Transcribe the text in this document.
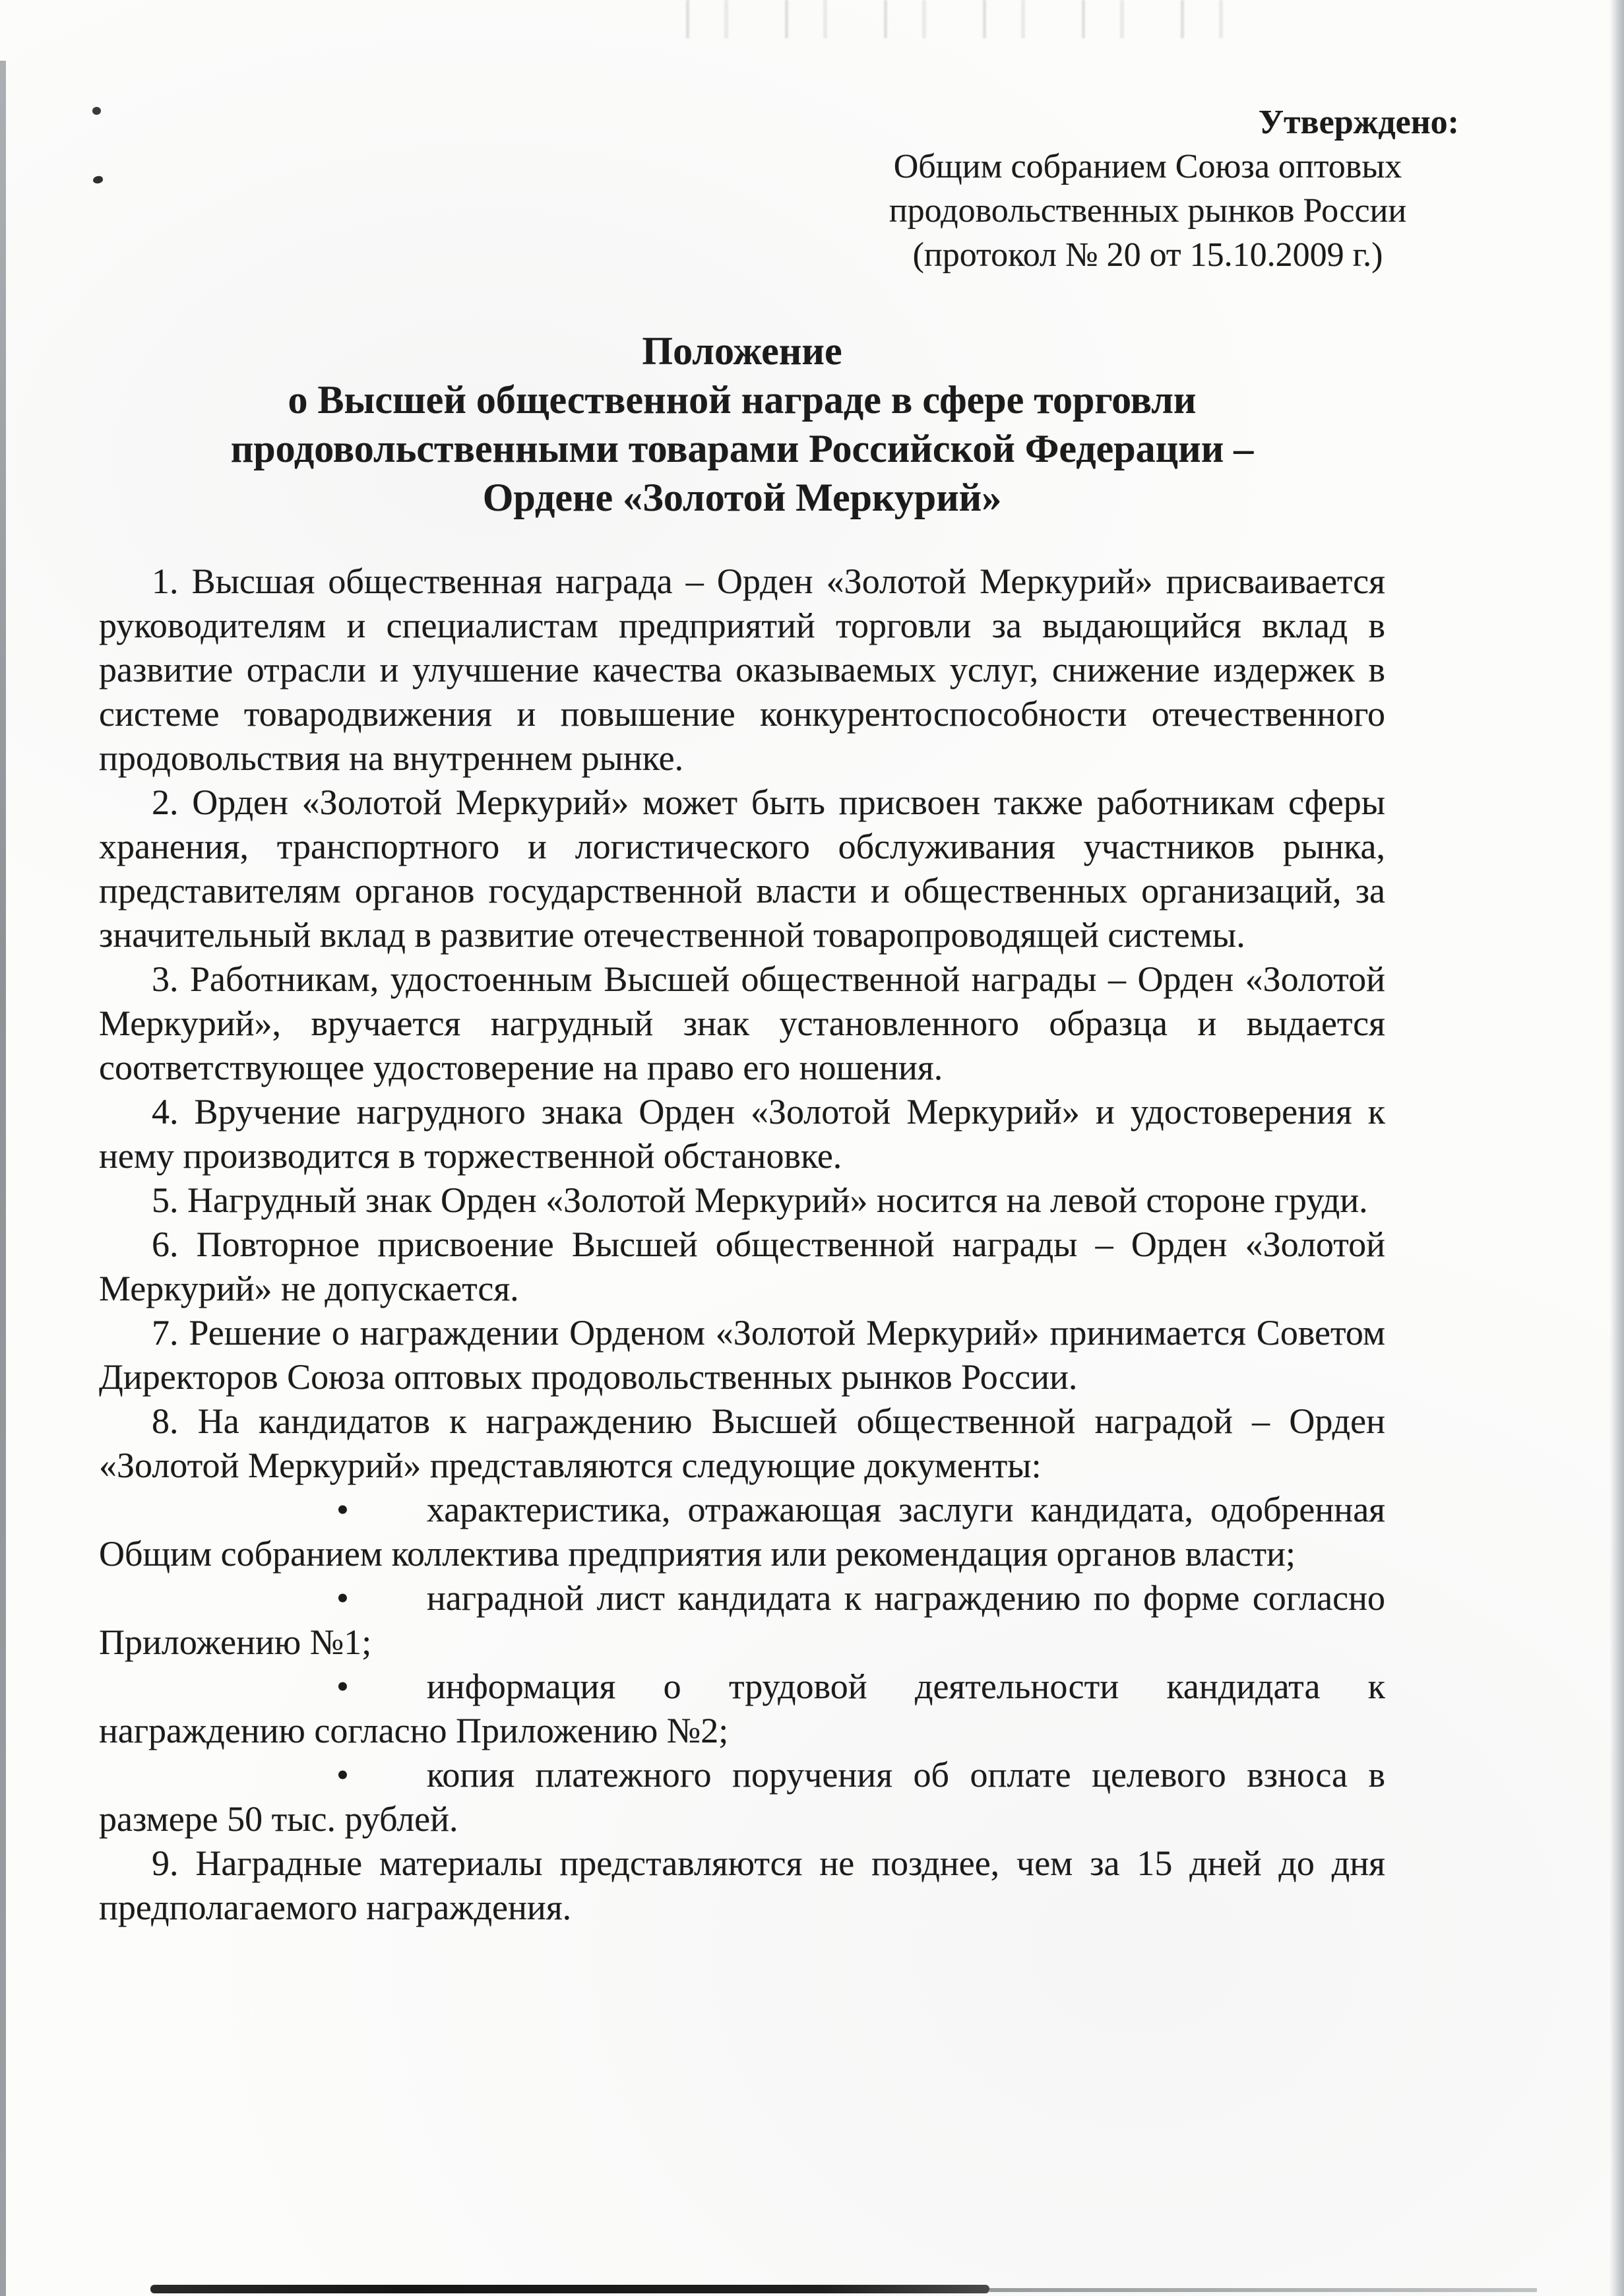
Утверждено:
Общим собранием Союза оптовых
продовольственных рынков России
(протокол № 20 от 15.10.2009 г.)
Положение
о Высшей общественной награде в сфере торговли
продовольственными товарами Российской Федерации –
Ордене «Золотой Меркурий»

1. Высшая общественная награда – Орден «Золотой Меркурий» присваивается руководителям и специалистам предприятий торговли за выдающийся вклад в развитие отрасли и улучшение качества оказываемых услуг, снижение издержек в системе товародвижения и повышение конкурентоспособности отечественного продовольствия на внутреннем рынке.

2. Орден «Золотой Меркурий» может быть присвоен также работникам сферы хранения, транспортного и логистического обслуживания участников рынка, представителям органов государственной власти и общественных организаций, за значительный вклад в развитие отечественной товаропроводящей системы.

3. Работникам, удостоенным Высшей общественной награды – Орден «Золотой Меркурий», вручается нагрудный знак установленного образца и выдается соответствующее удостоверение на право его ношения.

4. Вручение нагрудного знака Орден «Золотой Меркурий» и удостоверения к нему производится в торжественной обстановке.

5. Нагрудный знак Орден «Золотой Меркурий» носится на левой стороне груди.

6. Повторное присвоение Высшей общественной награды – Орден «Золотой Меркурий» не допускается.

7. Решение о награждении Орденом «Золотой Меркурий» принимается Советом Директоров Союза оптовых продовольственных рынков России.

8. На кандидатов к награждению Высшей общественной наградой – Орден «Золотой Меркурий» представляются следующие документы:

• характеристика, отражающая заслуги кандидата, одобренная Общим собранием коллектива предприятия или рекомендация органов власти;

• наградной лист кандидата к награждению по форме согласно Приложению №1;

• информация о трудовой деятельности кандидата к награждению согласно Приложению №2;

• копия платежного поручения об оплате целевого взноса в размере 50 тыс. рублей.

9. Наградные материалы представляются не позднее, чем за 15 дней до дня предполагаемого награждения.
